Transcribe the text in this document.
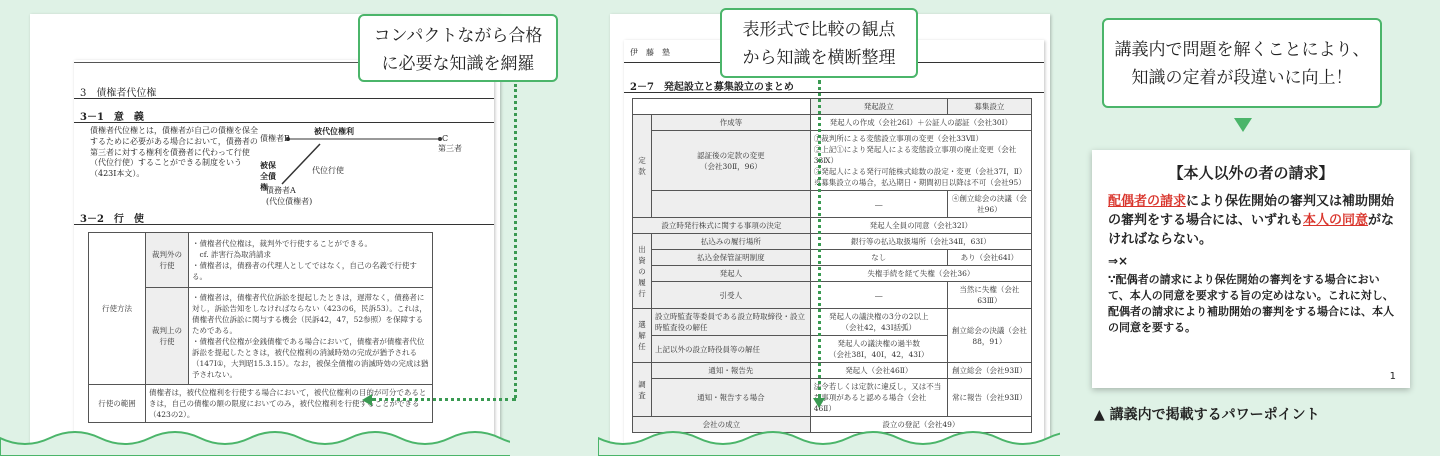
3　債権者代位権
3－1　意　義
債権者代位権とは，債権者が自己の債権を保全するために必要がある場合において，債務者の第三者に対する権利を債務者に代わって行使（代位行使）することができる制度をいう（423Ⅰ本文）。
債権者B
被代位権利
C
第三者
被保全債権
代位行使
債務者A
(代位債権者)
3－2　行　使
行使方法	裁判外の行使	・債権者代位権は，裁判外で行使することができる。
　cf. 詐害行為取消請求
・債権者は，債務者の代理人としてではなく，自己の名義で行使する。
	裁判上の行使	・債権者は，債権者代位訴訟を提起したときは，遅滞なく，債務者に対し，訴訟告知をしなければならない（423の6，民訴53）。これは，債権者代位訴訟に関与する機会（民訴42，47，52参照）を保障するためである。
・債権者代位権が金銭債権である場合において，債権者が債権者代位訴訟を提起したときは，被代位権利の消滅時効の完成が猶予される（147Ⅰ①，大判昭15.3.15）。なお，被保全債権の消滅時効の完成は猶予されない。
行使の範囲	債権者は，被代位権利を行使する場合において，被代位権利の目的が可分であるときは，自己の債権の額の限度においてのみ，被代位権利を行使することができる（423の2）。	
コンパクトながら合格
に必要な知識を網羅
伊　藤　塾
2－7　発起設立と募集設立のまとめ
		発起設立	募集設立
定
款	作成等	発起人の作成（会社26Ⅰ）＋公証人の認証（会社30Ⅰ）	
	認証後の定款の変更
（会社30Ⅱ，96）	①裁判所による変態設立事項の変更（会社33Ⅶ）
②上記①により発起人による変態設立事項の廃止変更（会社33Ⅸ）
③発起人による発行可能株式総数の設定・変更（会社37Ⅰ，Ⅱ）
※募集設立の場合，払込期日・期間初日以降は不可（会社95）	
		―	④創立総会の決議（会社96）
設立時発行株式に関する事項の決定		発起人全員の同意（会社32Ⅰ）	
出
資
の
履
行	払込みの履行場所	銀行等の払込取扱場所（会社34Ⅱ，63Ⅰ）	
	払込金保管証明制度	なし	あり（会社64Ⅰ）
	発起人	失権手続を経て失権（会社36）	
	引受人	―	当然に失権（会社63Ⅲ）
選
解
任	設立時監査等委員である設立時取締役・設立時監査役の解任	発起人の議決権の3分の2以上
（会社42，43Ⅰ括弧）	創立総会の決議（会社88，91）
	上記以外の設立時役員等の解任	発起人の議決権の過半数
（会社38Ⅰ，40Ⅰ，42，43Ⅰ）	
調
査	通知・報告先	発起人（会社46Ⅱ）	創立総会（会社93Ⅱ）
	通知・報告する場合	法令若しくは定款に違反し，又は不当な事項があると認める場合（会社46Ⅱ）	常に報告（会社93Ⅱ）
会社の成立		設立の登記（会社49）	
表形式で比較の観点
から知識を横断整理	講義内で問題を解くことにより、
知識の定着が段違いに向上！
【本人以外の者の請求】
配偶者の請求により保佐開始の審判又は補助開始の審判をする場合には、いずれも本人の同意がなければならない。
⇒×
∵配偶者の請求により保佐開始の審判をする場合において、本人の同意を要求する旨の定めはない。これに対し、配偶者の請求により補助開始の審判をする場合には、本人の同意を要する。
1
▲ 講義内で掲載するパワーポイント
